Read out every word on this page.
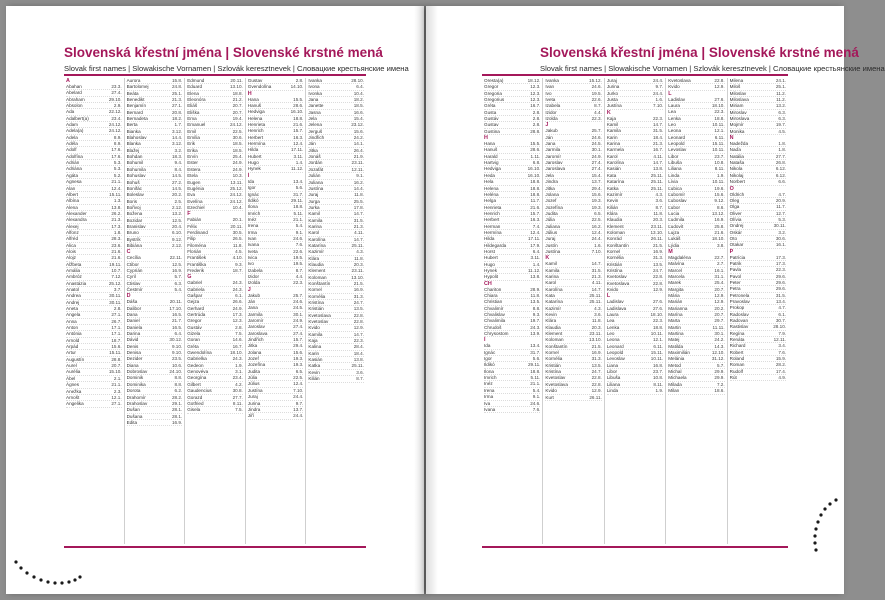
Slovenská křestní jména | Slovenské krstné mená
Slovak first names | Slowakische Vornamen | Szlovák keresztnevek | Словацкие крестьянские имена
A
Abahan	23.3.
Abelard	27.4.
Abraham	29.10.
Absolon	2.9.
Ada	22.12.
Adalbert(a)	23.4.
Adam	24.12.
Adela(a)	24.12.
Adela	8.9.
Adéla	8.9.
Adolf	17.6.
Adolfína	17.6.
Adrián	5.3.
Adriána	5.3.
Agáta	5.2.
Agnesa	21.1.
Alan	12.4.
Albert	15.11.
Albína	1.3.
Alena	13.8.
Alexander	26.2.
Alexandra	21.3.
Alexej	17.3.
Alfonz	1.8.
Alfréd	28.3.
Alica	23.6.
Alois	21.6.
Alojz	21.6.
Alžbeta	19.11.
Amália	10.7.
Ambróz	7.12.
Anastázia	25.12.
Anatol	3.7.
Andrea	30.11.
Andrej	30.11.
Aneta	2.8.
Angela	27.1.
Anna	26.7.
Anton	17.1.
Antónia	17.1.
Arnold	18.7.
Arpád	15.6.
Artur	15.11.
Augustín	28.8.
Aurel	20.7.
Aurélia	15.10.
Ábel	2.1.
Ágnes	21.1.
Anežka	2.3.
Arnošt	12.1.
Angelika	27.1.
Aurora	15.8.
Bartolomej	24.8.
Beáta	25.1.
Benedikt	21.3.
Benjamín	27.1.
Bernard	20.8.
Bernadeta	18.2.
Berta	1.7.
Bianka	3.12.
Blahoslav	14.4.
Blanka	3.12.
Blažej	3.2.
Bohdan	18.3.
Bohumil	9.4.
Bohumila	8.4.
Bohuslav	14.5.
Bohuš	27.2.
Bonifác	14.5.
Boleslav	20.2.
Boris	2.5.
Bořivoj	2.12.
Božena	13.2.
Bozidar	12.5.
Branislav	20.4.
Bruno	6.10.
Bystrík	9.12.
Bibiána	2.12.
C
Cecília	22.11.
Ctibor	12.5.
Cyprián	16.9.
Cyril	5.7.
Ctislav	6.3.
Čestmír	5.4.
D
Dáša	20.11.
Dalibor	17.10.
Dana	16.5.
Daniel	21.7.
Daniela	16.5.
Darina	6.4.
Dávid	30.12.
Denis	9.10.
Denisa	9.10.
Dezider	23.5.
Diana	10.6.
Dobroslav	24.10.
Dominik	8.8.
Dominika	8.8.
Dorota	6.2.
Drahomír	28.2.
Drahoslav	29.1.
Dušan	28.1.
Dušana	28.1.
Edita	16.9.
Edmund	20.11.
Eduard	13.10.
Elena	18.8.
Eleonóra	21.2.
Eliáš	20.7.
Eliška	20.7.
Ema	19.4.
Emanuel	24.12.
Emil	22.5.
Emília	30.6.
Erik	18.5.
Erika	18.5.
Ervín	25.4.
Ester	24.9.
Estera	24.9.
Etela	10.3.
Eugen	13.11.
Eugénia	25.12.
Eva	24.12.
Evelína	24.12.
Ezechiel	10.4.
F
Fabián	20.1.
Félix	20.11.
Ferdinand	30.5.
Filip	26.5.
Filoména	11.8.
Florián	4.5.
František	4.10.
Františka	9.3.
Frederik	18.7.
G
Gabriel	24.3.
Gabriela	24.3.
Gašpar	6.1.
Gejza	26.6.
Gerhard	24.9.
Gertrúda	17.3.
Gregor	12.3.
Gustáv	2.8.
Gizela	7.5.
Goran	14.6.
Gréta	16.7.
Gwendolína	18.10.
Gabrielka	24.3.
Gedeon	1.9.
Genovéva	3.1.
Georgína	23.4.
Gilbert	4.2.
Gaudencius	30.8.
Gorazd	27.7.
Gotfried	8.11.
Gisela	7.5.
Gustav	2.8.
Gvendolína	14.10.
H
Hana	15.5.
Hanuš	28.6.
Hedviga	16.10.
Helena	18.8.
Henrieta	21.6.
Henrich	15.7.
Herbert	16.3.
Hermína	12.4.
Hilda	17.11.
Hubert	3.11.
Hugo	1.4.
Hynek	11.12.
I
Ida	13.4.
Igor	5.6.
Ignác	31.7.
Ildikó	29.11.
Ilona	18.8.
Imrich	5.11.
Inéz	21.1.
Irena	5.4.
Irma	9.1.
Ivan	24.6.
Ivana	7.6.
Iveta	22.6.
Ivica	19.5.
Ivo	19.5.
Izabela	8.7.
Izidor	4.4.
Izolda	22.3.
J
Jakub	25.7.
Ján	24.6.
Jana	24.5.
Jarmila	30.1.
Jaromír	24.9.
Jaroslav	27.4.
Jaroslava	27.4.
Jindřich	15.7.
Jitka	29.4.
Jolana	15.6.
Jozef	19.3.
Jozefína	19.3.
Judita	6.5.
Júlia	22.5.
Július	12.4.
Justína	7.10.
Juraj	24.4.
Jurina	9.7.
Jindra	13.7.
Jiří	24.4.
Ivanka	28.10.
Ivona	6.4.
Ivonka	10.4.
Jana	18.2.
Janette	18.5.
Jasna	16.6.
Jela	15.4.
Jelena	23.12.
Jerguš	15.6.
Jindřich	24.2.
Ján	14.1.
Jitka	26.4.
Jonáš	21.9.
Jordán	23.11.
Jozafát	12.11.
Julián	9.1.
Juliana	16.2.
Justína	14.4.
Juraj	11.8.
Jurga	25.5.
Jurka	17.8.
Kamil	14.7.
Kamila	31.5.
Karina	21.3.
Karol	4.11.
Karolína	14.7.
Katarína	25.11.
Kazimír	4.3.
Klára	11.8.
Klaudia	20.3.
Klement	23.11.
Koloman	13.10.
Konštantín	21.5.
Kornel	16.9.
Kornélia	31.3.
Kristína	24.7.
Kristián	13.5.
Kvetoslava	22.8.
Kvetoslav	22.8.
Kvido	12.9.
Kamila	14.7.
Kaja	22.3.
Kalina	28.4.
Karin	18.4.
Kasián	13.8.
Katka	25.11.
Kevin	3.6.
Kilián	8.7.
Slovenská křestní jména | Slovenské krstné mená
Slovak first names | Slowakische Vornamen | Szlovák keresztnevek | Словацкие крестьянские имена
Oresta(a)	18.12.
Gregor	12.3.
Gregoria	12.3.
Gregorius	12.3.
Gréta	16.7.
Gusta	2.8.
Gustáv	2.8.
Gustav	2.8.
Gustina	28.8.
H
Hana	15.5.
Hanuš	28.6.
Harald	1.11.
Hartvig	6.8.
Hedviga	16.10.
Heda	16.10.
Hela	18.8.
Helena	18.8.
Heléna	18.8.
Helga	11.7.
Henrieta	21.6.
Henrich	15.7.
Herbert	16.3.
Herman	7.4.
Hermína	12.4.
Hilda	17.11.
Hildegarda	17.9.
Horst	6.4.
Hubert	3.11.
Hugo	1.4.
Hynek	11.12.
Hypolit	13.8.
CH
Chariton	28.9.
Chiara	11.8.
Christian	13.5.
Chvalimír	8.8.
Chvalislav	9.3.
Chvalimila	19.7.
Chrudoš	24.3.
Chrysostom	13.9.
I
Ida	13.4.
Ignác	31.7.
Igor	5.6.
Ildikó	29.11.
Ilona	18.8.
Imrich	5.11.
Inéz	21.1.
Irena	5.4.
Irma	9.1.
Iva	24.6.
Ivana	7.6.
Ivanka	15.12.
Ivan	24.6.
Ivo	19.5.
Iveta	22.6.
Izabela	8.7.
Izidor	4.4.
Izolda	22.3.
J
Jakub	25.7.
Ján	24.6.
Jana	24.5.
Jarmila	30.1.
Jaromír	24.9.
Jaroslav	27.4.
Jaroslava	27.4.
Jela	15.4.
Jindra	13.7.
Jitka	29.4.
Jolana	15.6.
Jozef	19.3.
Jozefína	19.3.
Judita	6.5.
Júlia	22.5.
Juliana	16.2.
Július	12.4.
Juraj	24.4.
Justín	1.6.
Justína	7.10.
K
Kamil	14.7.
Kamila	31.5.
Karina	21.3.
Karol	4.11.
Karolína	14.7.
Kata	25.11.
Katarína	25.11.
Kazimír	4.3.
Kevin	3.6.
Klára	11.8.
Klaudia	20.3.
Klement	23.11.
Koloman	13.10.
Konštantín	21.5.
Kornel	16.9.
Kornélia	31.3.
Kristián	13.5.
Kristína	24.7.
Kvetoslav	22.8.
Kvetoslava	22.8.
Kvido	12.9.
Kurt	26.11.
Juraj	24.4.
Jurina	9.7.
Jurko	24.4.
Justa	1.6.
Justína	7.10.
K
Kaja	22.3.
Kamil	14.7.
Kamila	31.5.
Karin	18.4.
Karina	21.3.
Karmela	16.7.
Karol	4.11.
Karolína	14.7.
Kasián	13.8.
Kata	25.11.
Katarína	25.11.
Katka	25.11.
Kazimír	4.3.
Kevin	3.6.
Kilián	8.7.
Klára	11.8.
Klaudia	20.3.
Klement	23.11.
Koloman	13.10.
Konrád	26.11.
Konštantín	21.5.
Kornel	16.9.
Kornélia	31.3.
Kristián	13.5.
Kristína	24.7.
Kvetoslav	22.8.
Kvetoslava	22.8.
Kvido	12.9.
L
Ladislav	27.6.
Ladislava	27.6.
Laura	18.10.
Lea	22.3.
Lenka	18.8.
Leo	10.11.
Leona	12.1.
Leonard	6.11.
Leopold	15.11.
Levoslav	10.11.
Liana	16.8.
Libor	23.7.
Libuša	10.8.
Liliana	8.11.
Linda	1.9.
Kvetoslava	22.8.
Kvido	12.9.
L
Ladislav	27.6.
Laura	18.10.
Lea	22.3.
Lenka	18.8.
Leo	10.11.
Leona	12.1.
Leonard	6.11.
Leopold	15.11.
Levoslav	10.11.
Libor	23.7.
Libuša	10.8.
Liliana	8.11.
Linda	1.9.
Lívia	10.11.
Ľubica	19.6.
Ľubomír	15.6.
Ľuboslav	9.12.
Ľubor	8.6.
Lucia	13.12.
Ľudmila	16.9.
Ľudovít	25.8.
Lujza	21.6.
Lukáš	18.10.
Lýdia	3.8.
M
Magdaléna	22.7.
Malvína	2.7.
Marcel	16.1.
Marcela	31.1.
Marek	25.4.
Margita	20.7.
Mária	12.9.
Marián	12.9.
Marianna	20.2.
Marína	20.7.
Marta	29.7.
Martin	11.11.
Martina	30.1.
Matej	24.2.
Matilda	14.3.
Maximilián	12.10.
Melánia	31.12.
Metod	5.7.
Michal	29.9.
Michaela	29.9.
Milada	7.2.
Milan	18.6.
Milena	24.1.
Miloš	25.1.
Miloslav	11.2.
Miloslava	11.2.
Miriam	13.2.
Miroslav	6.3.
Miroslava	6.3.
Mojmír	19.7.
Monika	4.5.
N
Nadežda	1.8.
Naďa	1.8.
Natália	27.7.
Nataša	26.8.
Nikola	6.12.
Nikolaj	6.12.
Norbert	6.6.
O
Oldrich	4.7.
Oleg	20.9.
Olga	11.7.
Oliver	12.7.
Olívia	5.3.
Ondrej	30.11.
Oskár	3.2.
Oto	30.6.
Otakar	16.1.
P
Patrícia	17.3.
Patrik	17.3.
Pavla	22.3.
Pavol	29.6.
Peter	29.6.
Petra	29.6.
Petronela	31.5.
Pravoslav	13.4.
Prokop	4.7.
Radoslav	6.1.
Radovan	30.7.
Rastislav	28.10.
Regína	7.9.
Renáta	12.11.
Richard	3.4.
Robert	7.6.
Roland	15.9.
Roman	28.2.
Rudolf	17.4.
Rút	4.9.
